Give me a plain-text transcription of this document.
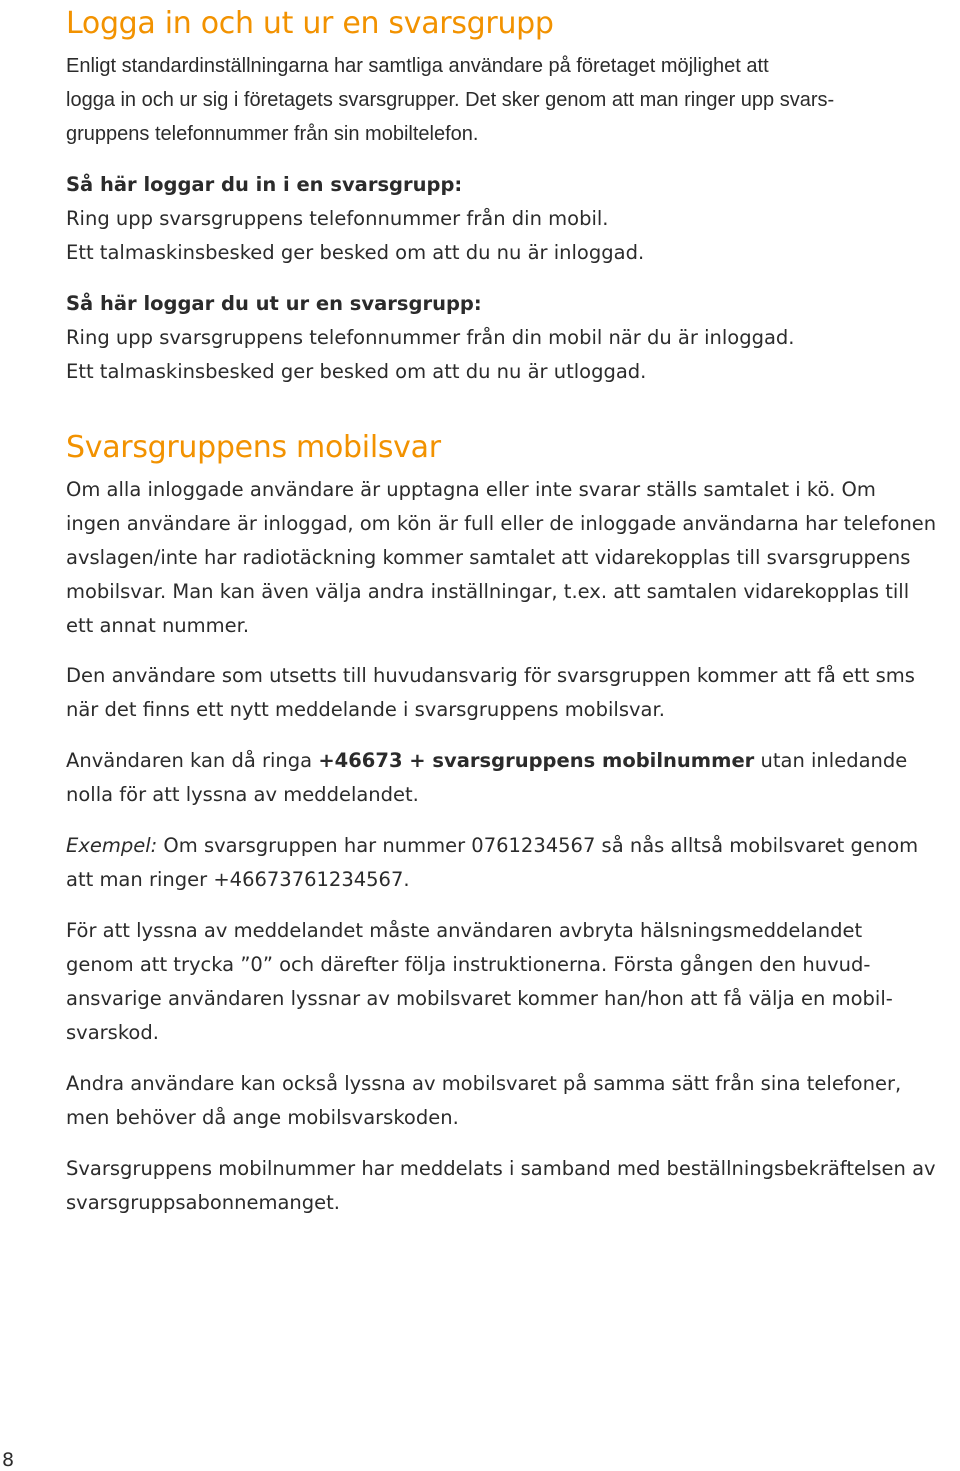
Logga in och ut ur en svarsgrupp
Enligt standardinställningarna har samtliga användare på företaget möjlighet att
logga in och ur sig i företagets svarsgrupper. Det sker genom att man ringer upp svars-
gruppens telefonnummer från sin mobiltelefon.
Så här loggar du in i en svarsgrupp:
Ring upp svarsgruppens telefonnummer från din mobil.
Ett talmaskinsbesked ger besked om att du nu är inloggad.
Så här loggar du ut ur en svarsgrupp:
Ring upp svarsgruppens telefonnummer från din mobil när du är inloggad.
Ett talmaskinsbesked ger besked om att du nu är utloggad.
Svarsgruppens mobilsvar
Om alla inloggade användare är upptagna eller inte svarar ställs samtalet i kö. Om
ingen användare är inloggad, om kön är full eller de inloggade användarna har telefonen
avslagen/inte har radiotäckning kommer samtalet att vidarekopplas till svarsgruppens
mobilsvar. Man kan även välja andra inställningar, t.ex. att samtalen vidarekopplas till
ett annat nummer.
Den användare som utsetts till huvudansvarig för svarsgruppen kommer att få ett sms
när det finns ett nytt meddelande i svarsgruppens mobilsvar.
Användaren kan då ringa +46673 + svarsgruppens mobilnummer utan inledande
nolla för att lyssna av meddelandet.
Exempel: Om svarsgruppen har nummer 0761234567 så nås alltså mobilsvaret genom
att man ringer +46673761234567.
För att lyssna av meddelandet måste användaren avbryta hälsningsmeddelandet
genom att trycka ”0” och därefter följa instruktionerna. Första gången den huvud-
ansvarige användaren lyssnar av mobilsvaret kommer han/hon att få välja en mobil-
svarskod.
Andra användare kan också lyssna av mobilsvaret på samma sätt från sina telefoner,
men behöver då ange mobilsvarskoden.
Svarsgruppens mobilnummer har meddelats i samband med beställningsbekräftelsen av
svarsgruppsabonnemanget.
8
